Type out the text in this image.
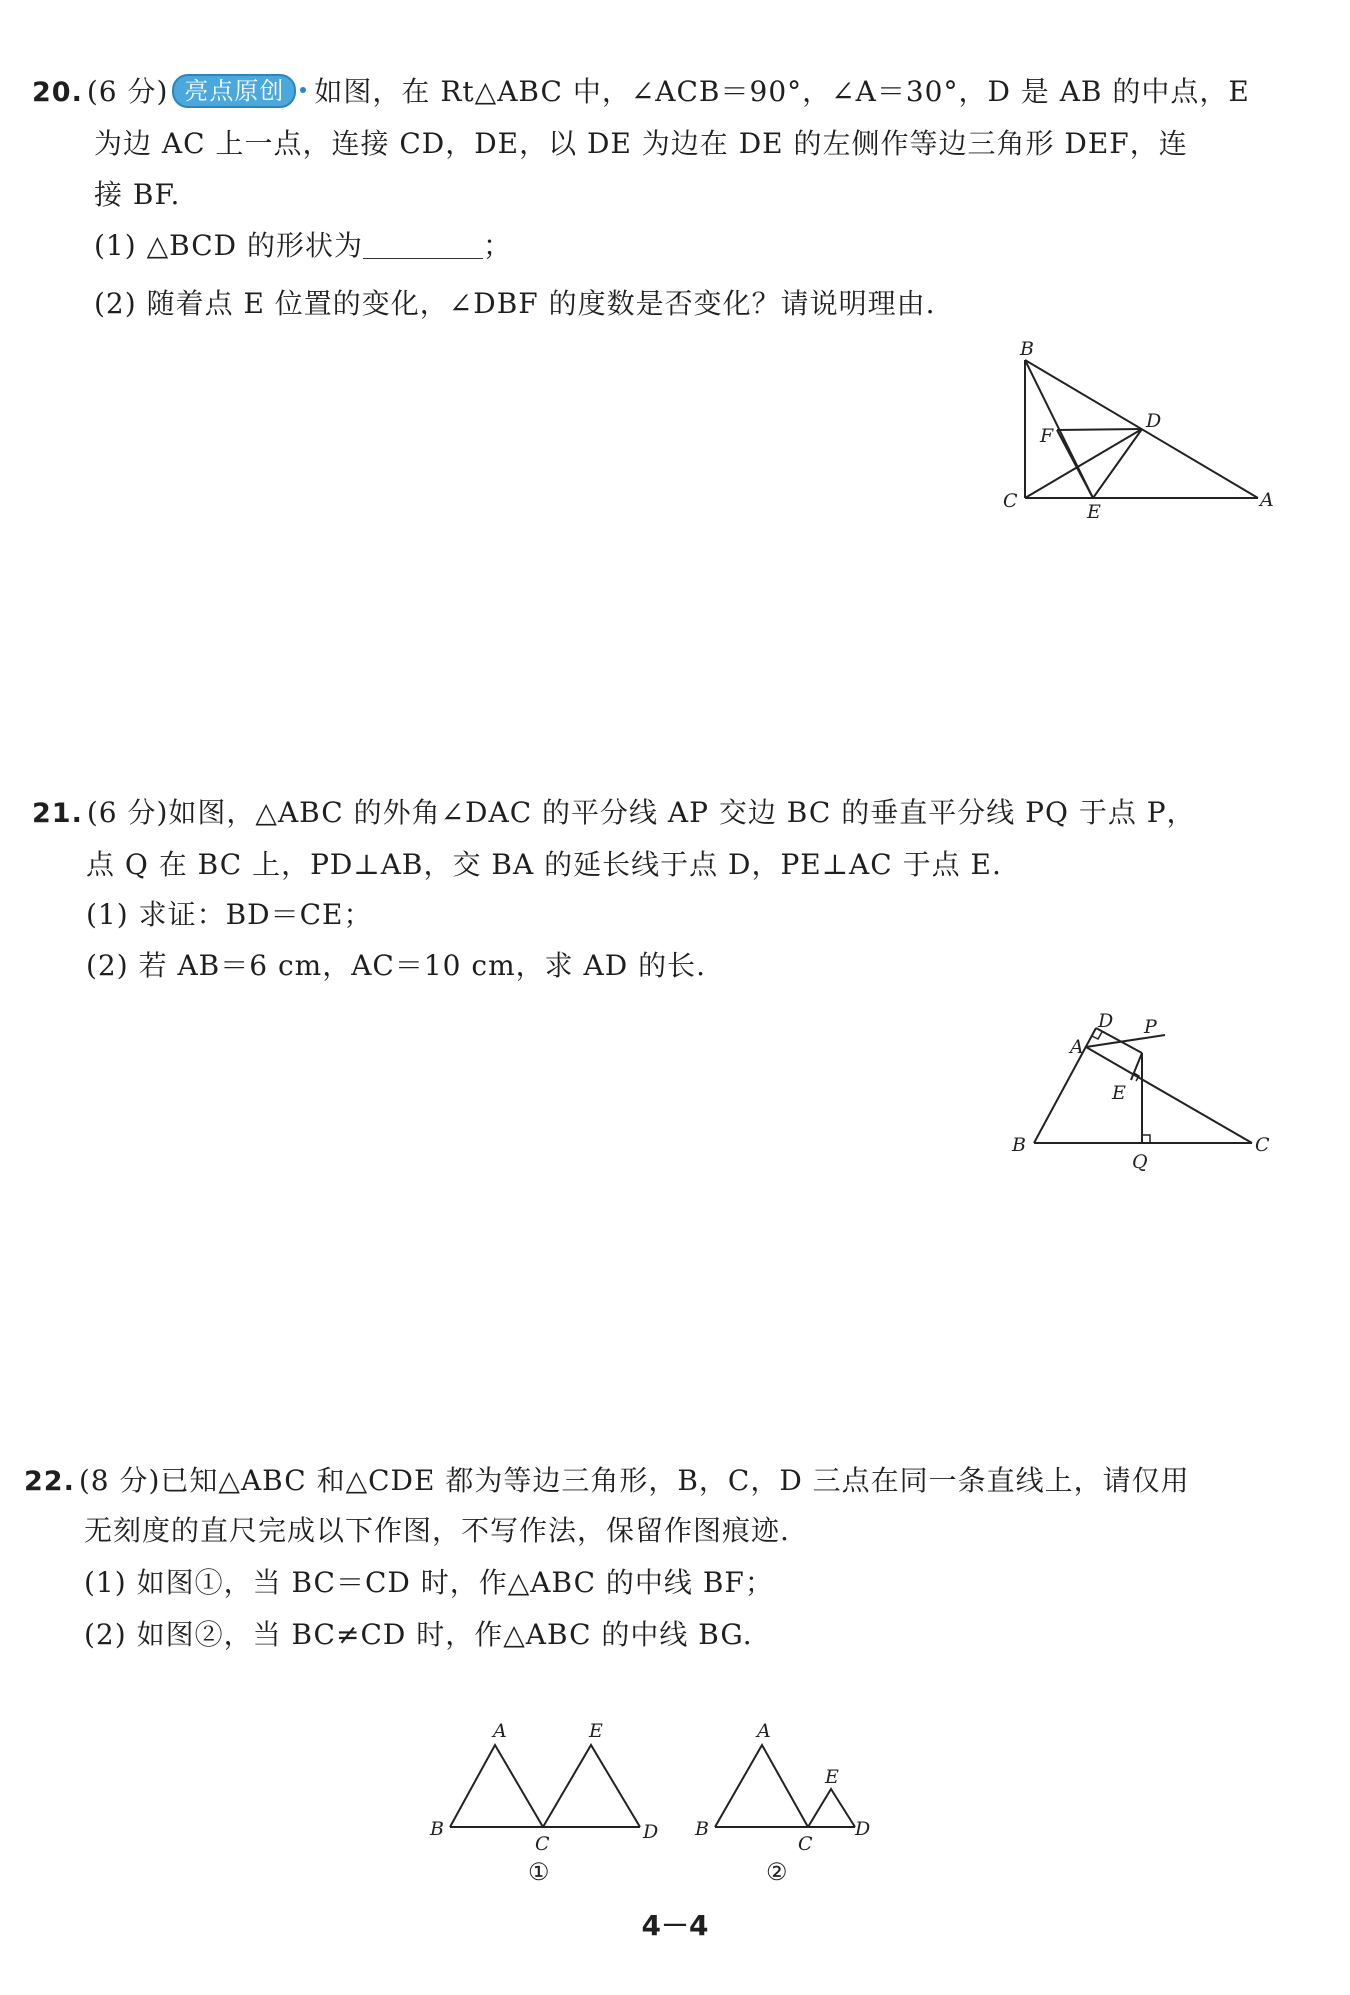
20. (6 分) 亮点原创 如图，在 Rt△ABC 中，∠ACB＝90°，∠A＝30°，D 是 AB 的中点，E
为边 AC 上一点，连接 CD，DE，以 DE 为边在 DE 的左侧作等边三角形 DEF，连
接 BF.
(1) △BCD 的形状为	；
(2) 随着点 E 位置的变化，∠DBF 的度数是否变化？请说明理由.
B
C
D
E
F
A
21. (6 分)如图，△ABC 的外角∠DAC 的平分线 AP 交边 BC 的垂直平分线 PQ 于点 P，
点 Q 在 BC 上，PD⊥AB，交 BA 的延长线于点 D，PE⊥AC 于点 E.
(1) 求证：BD＝CE；
(2) 若 AB＝6 cm，AC＝10 cm，求 AD 的长.
D P
A
E
B
Q
C
22. (8 分)已知△ABC 和△CDE 都为等边三角形，B，C，D 三点在同一条直线上，请仅用
无刻度的直尺完成以下作图，不写作法，保留作图痕迹.
(1) 如图①，当 BC＝CD 时，作△ABC 的中线 BF；
(2) 如图②，当 BC≠CD 时，作△ABC 的中线 BG.
A	E
B
C
D
①
A
E
B
C
D
②
4－4
